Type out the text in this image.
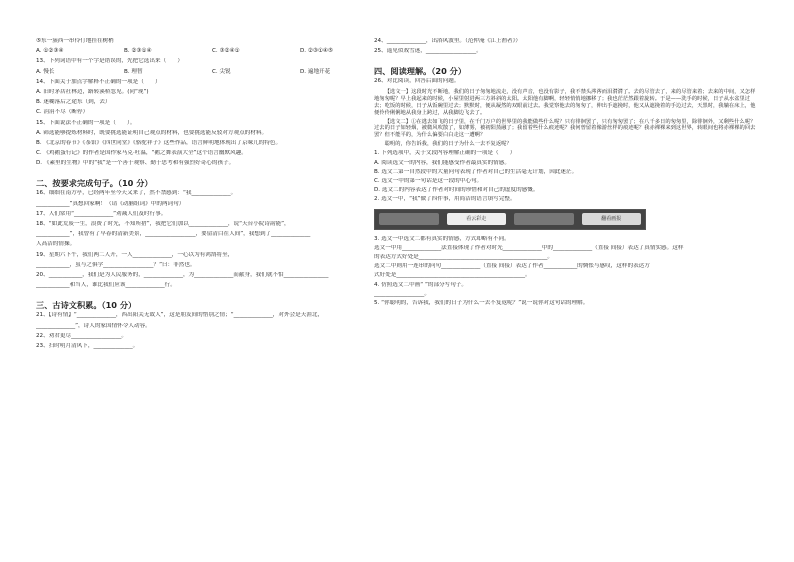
⑤东一簇西一串伶仃地挂在树梢
A. ①②③④	B. ②③①④	C. ③②④①	D. ②③①④⑤
13、下列词语中有一个字是错误的，先把它选出来（　　）
A. 慢长	B. 理智	C. 尖锐	D. 遍地开花
14、下面关于加点字解释不正确的一项是（　　）
A. 旧时茅店社林边，路转溪桥忽见。(同“现”)
B. 迷糊落后之途东（到，去）
C. 涓涓不尽（断停）
15、下面说法不正确的一项是（　　）。
A. 筛选能够提炼材料时，既要挑选能证明自己观点的材料，也要挑选能反驳对方观点的材料。
B. 《北京的春节》《茶馆》《四世同堂》《骆驼祥子》这些作品，语言鲜明地体现出了京味儿的特色。
C. 《鸡鹅蛋行记》的作者是国作家马克·吐温，“鹅之舞表演大全”这个语言幽默风趣。
D. 《素里的生物》中的“我”是一个善于观察、勤于思考和有强烈好奇心的孩子。
二、按要求完成句子。（10 分）
16、细细在南方亭，已经两年至今天又来了，然不禁感到：“我______________。
____________”真想回家啊！（请《动脑组词》中的两词句）
17、人们常用“______________”劝减人们及时行事。
18、“如此荒废一生，浪费了时光，不知所措”，我把它们加以______________，说“天台小院诗韵能”，
____________”，我曾有了早春的清新美景，__________________，要留清白在人间”，我想到了______________
人高洁的情操。
19、星期六下午，我们两二人开，一人______________，一心以为有鸿鹄将至，
____________，虽与之俱学__________________？”曰：非然也。
20、____________，我们是为人民服务的，______________，为______________而献身，我们就不怕________________
____________和当人，谁比我们应该______________行。
三、古诗文积累。（10 分）
21、【诗有情】“______________，西出阳关无故人”，这是朋友间的惜别之情；“______________，对外会是天涯北，
______________”，诗人的家国情怀令人动容。
22、劝君更尽__________________。
23、扫时明月清风下，______________。
24、______________，出浴风波里。（范仲淹《江上渔者》）
25、遥见似戏雪迷，__________________。
四、阅读理解。（20 分）
26、对比阅读，回答后面的问题。
【选文一】这段时光不断地，我们的日子匆匆地流走，没有声音，也没有影子，我不禁头涔涔而泪潸潸了。去的尽管去了，来的尽管来着；去来的中间，又怎样地匆匆呢？早上我起来的时候，小屋里射进两三方斜斜的太阳。太阳他有脚啊，轻轻悄悄地挪移了；我也茫茫然跟着旋转。于是——洗手的时候，日子从水盆里过去；吃饭的时候，日子从饭碗里过去；默默时，便从凝然的双眼前过去。我觉察他去的匆匆了，伸出手遮挽时，他又从遮挽着的手边过去，天黑时，我躺在床上，他便伶伶俐俐地从我身上跨过，从我脚边飞去了。
【选文二】①在逃去如飞的日子里，在千门万户的世界里的我能做些什么呢？只有徘徊罢了，只有匆匆罢了；在八千多日的匆匆里，除徘徊外，又剩些什么呢？过去的日子如轻烟，被微风吹散了，如薄雾，被初阳蒸融了；我留着些什么痕迹呢？我何曾留着像游丝样的痕迹呢？我赤裸裸来到这世界，转眼间也将赤裸裸的回去罢？但不能平的，为什么偏要白白走这一遭啊？
聪明的，你告诉我，我们的日子为什么一去不复返呢？
1. 下列选项中，关于文段内容理解正确的一项是（　　）
A. 阅读选文一的内容，我们能感受作者最真实的情感。
B. 选文二第一自然段中的大量问句表现了作者对自己的生活毫无计划，因此迷茫。
C. 选文一中的第一句话是这一段的中心句。
D. 选文二的内容表达了作者对时间的珍惜和对自己的虚度的感慨。
2. 选文一中，“我”做了四件事，用简洁的语言填写完整。
看云彩走	翻看画报
3. 选文一中选文二都有真实的情感，方式却略有不同。
选文一中用______________法直接体现了作者对时光______________中的______________（直接 间接）表达了真情实感。这样
的表达方式好处是______________________________________________。
选文二中则用一连串的问句______________（直接 间接）表达了作者____________的惆怅与感叹，这样的表达方
式好处是______________________________________________。
4. 仿照选文二中画“ ”的部分写句子。
__________________。
5. “你聪明的，告诉我，我们的日子为什么一去不复返呢？”说一说你对这句话的理解。
